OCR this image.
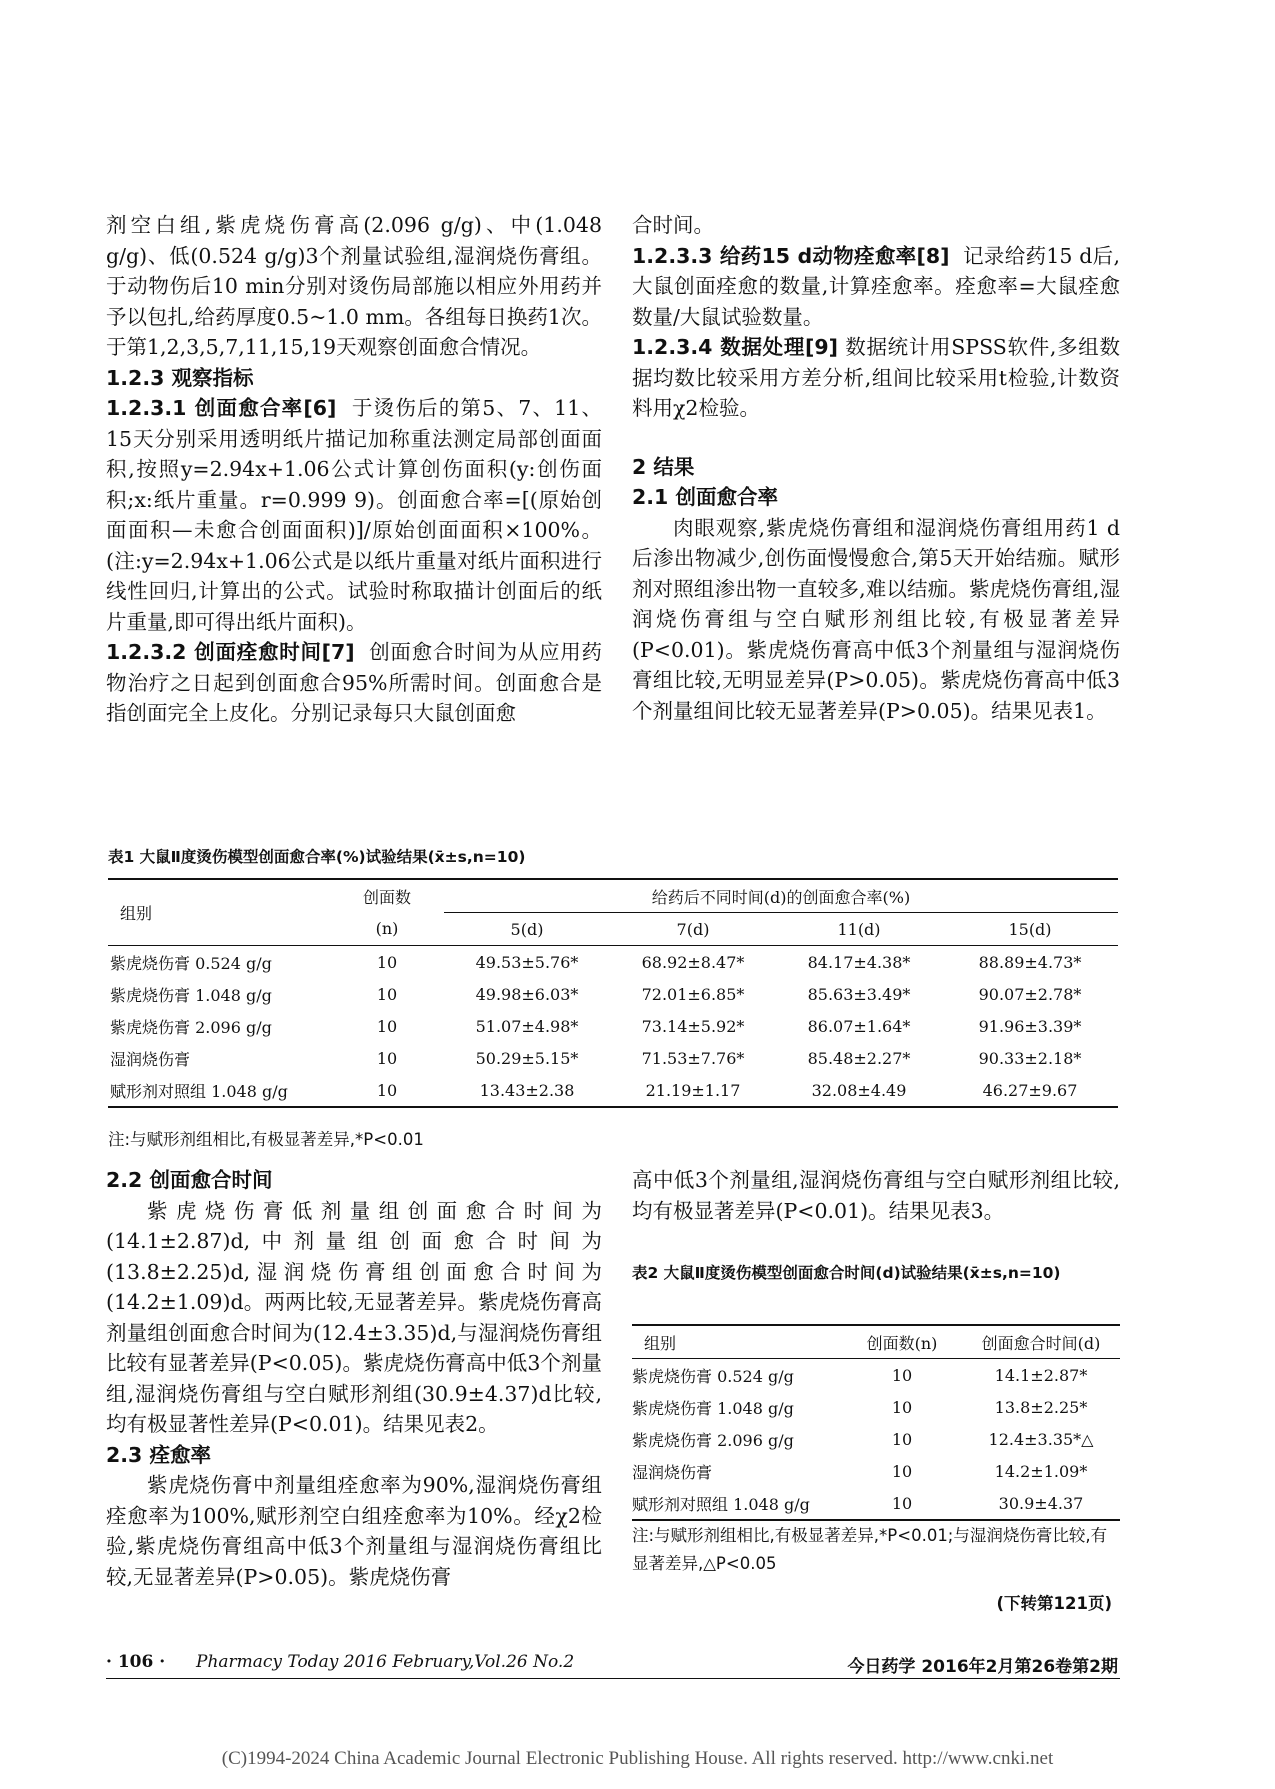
剂空白组,紫虎烧伤膏高(2.096 g/g)、中(1.048 g/g)、低(0.524 g/g)3个剂量试验组,湿润烧伤膏组。于动物伤后10 min分别对烫伤局部施以相应外用药并予以包扎,给药厚度0.5~1.0 mm。各组每日换药1次。于第1,2,3,5,7,11,15,19天观察创面愈合情况。

1.2.3 观察指标

1.2.3.1 创面愈合率[6] 于烫伤后的第5、7、11、15天分别采用透明纸片描记加称重法测定局部创面面积,按照y=2.94x+1.06公式计算创伤面积(y:创伤面积;x:纸片重量。r=0.999 9)。创面愈合率=[(原始创面面积—未愈合创面面积)]/原始创面面积×100%。(注:y=2.94x+1.06公式是以纸片重量对纸片面积进行线性回归,计算出的公式。试验时称取描计创面后的纸片重量,即可得出纸片面积)。

1.2.3.2 创面痊愈时间[7] 创面愈合时间为从应用药物治疗之日起到创面愈合95%所需时间。创面愈合是指创面完全上皮化。分别记录每只大鼠创面愈

合时间。

1.2.3.3 给药15 d动物痊愈率[8] 记录给药15 d后,大鼠创面痊愈的数量,计算痊愈率。痊愈率=大鼠痊愈数量/大鼠试验数量。

1.2.3.4 数据处理[9] 数据统计用SPSS软件,多组数据均数比较采用方差分析,组间比较采用t检验,计数资料用χ2检验。

2 结果

2.1 创面愈合率

肉眼观察,紫虎烧伤膏组和湿润烧伤膏组用药1 d后渗出物减少,创伤面慢慢愈合,第5天开始结痂。赋形剂对照组渗出物一直较多,难以结痂。紫虎烧伤膏组,湿润烧伤膏组与空白赋形剂组比较,有极显著差异(P<0.01)。紫虎烧伤膏高中低3个剂量组与湿润烧伤膏组比较,无明显差异(P>0.05)。紫虎烧伤膏高中低3个剂量组间比较无显著差异(P>0.05)。结果见表1。

表1 大鼠Ⅱ度烫伤模型创面愈合率(%)试验结果(x̄±s,n=10)
组别	创面数	给药后不同时间(d)的创面愈合率(%)			
	(n)	5(d)	7(d)	11(d)	15(d)
紫虎烧伤膏 0.524 g/g	10	49.53±5.76*	68.92±8.47*	84.17±4.38*	88.89±4.73*
紫虎烧伤膏 1.048 g/g	10	49.98±6.03*	72.01±6.85*	85.63±3.49*	90.07±2.78*
紫虎烧伤膏 2.096 g/g	10	51.07±4.98*	73.14±5.92*	86.07±1.64*	91.96±3.39*
湿润烧伤膏	10	50.29±5.15*	71.53±7.76*	85.48±2.27*	90.33±2.18*
赋形剂对照组 1.048 g/g	10	13.43±2.38	21.19±1.17	32.08±4.49	46.27±9.67
注:与赋形剂组相比,有极显著差异,*P<0.01

2.2 创面愈合时间

紫虎烧伤膏低剂量组创面愈合时间为(14.1±2.87)d,中剂量组创面愈合时间为(13.8±2.25)d,湿润烧伤膏组创面愈合时间为(14.2±1.09)d。两两比较,无显著差异。紫虎烧伤膏高剂量组创面愈合时间为(12.4±3.35)d,与湿润烧伤膏组比较有显著差异(P<0.05)。紫虎烧伤膏高中低3个剂量组,湿润烧伤膏组与空白赋形剂组(30.9±4.37)d比较,均有极显著性差异(P<0.01)。结果见表2。

2.3 痊愈率

紫虎烧伤膏中剂量组痊愈率为90%,湿润烧伤膏组痊愈率为100%,赋形剂空白组痊愈率为10%。经χ2检验,紫虎烧伤膏组高中低3个剂量组与湿润烧伤膏组比较,无显著差异(P>0.05)。紫虎烧伤膏

高中低3个剂量组,湿润烧伤膏组与空白赋形剂组比较,均有极显著差异(P<0.01)。结果见表3。

表2 大鼠Ⅱ度烫伤模型创面愈合时间(d)试验结果(x̄±s,n=10)
组别	创面数(n)	创面愈合时间(d)
紫虎烧伤膏 0.524 g/g	10	14.1±2.87*
紫虎烧伤膏 1.048 g/g	10	13.8±2.25*
紫虎烧伤膏 2.096 g/g	10	12.4±3.35*△
湿润烧伤膏	10	14.2±1.09*
赋形剂对照组 1.048 g/g	10	30.9±4.37
注:与赋形剂组相比,有极显著差异,*P<0.01;与湿润烧伤膏比较,有显著差异,△P<0.05
(下转第121页)
· 106 · Pharmacy Today 2016 February,Vol.26 No.2	今日药学 2016年2月第26卷第2期
(C)1994-2024 China Academic Journal Electronic Publishing House. All rights reserved. http://www.cnki.net
